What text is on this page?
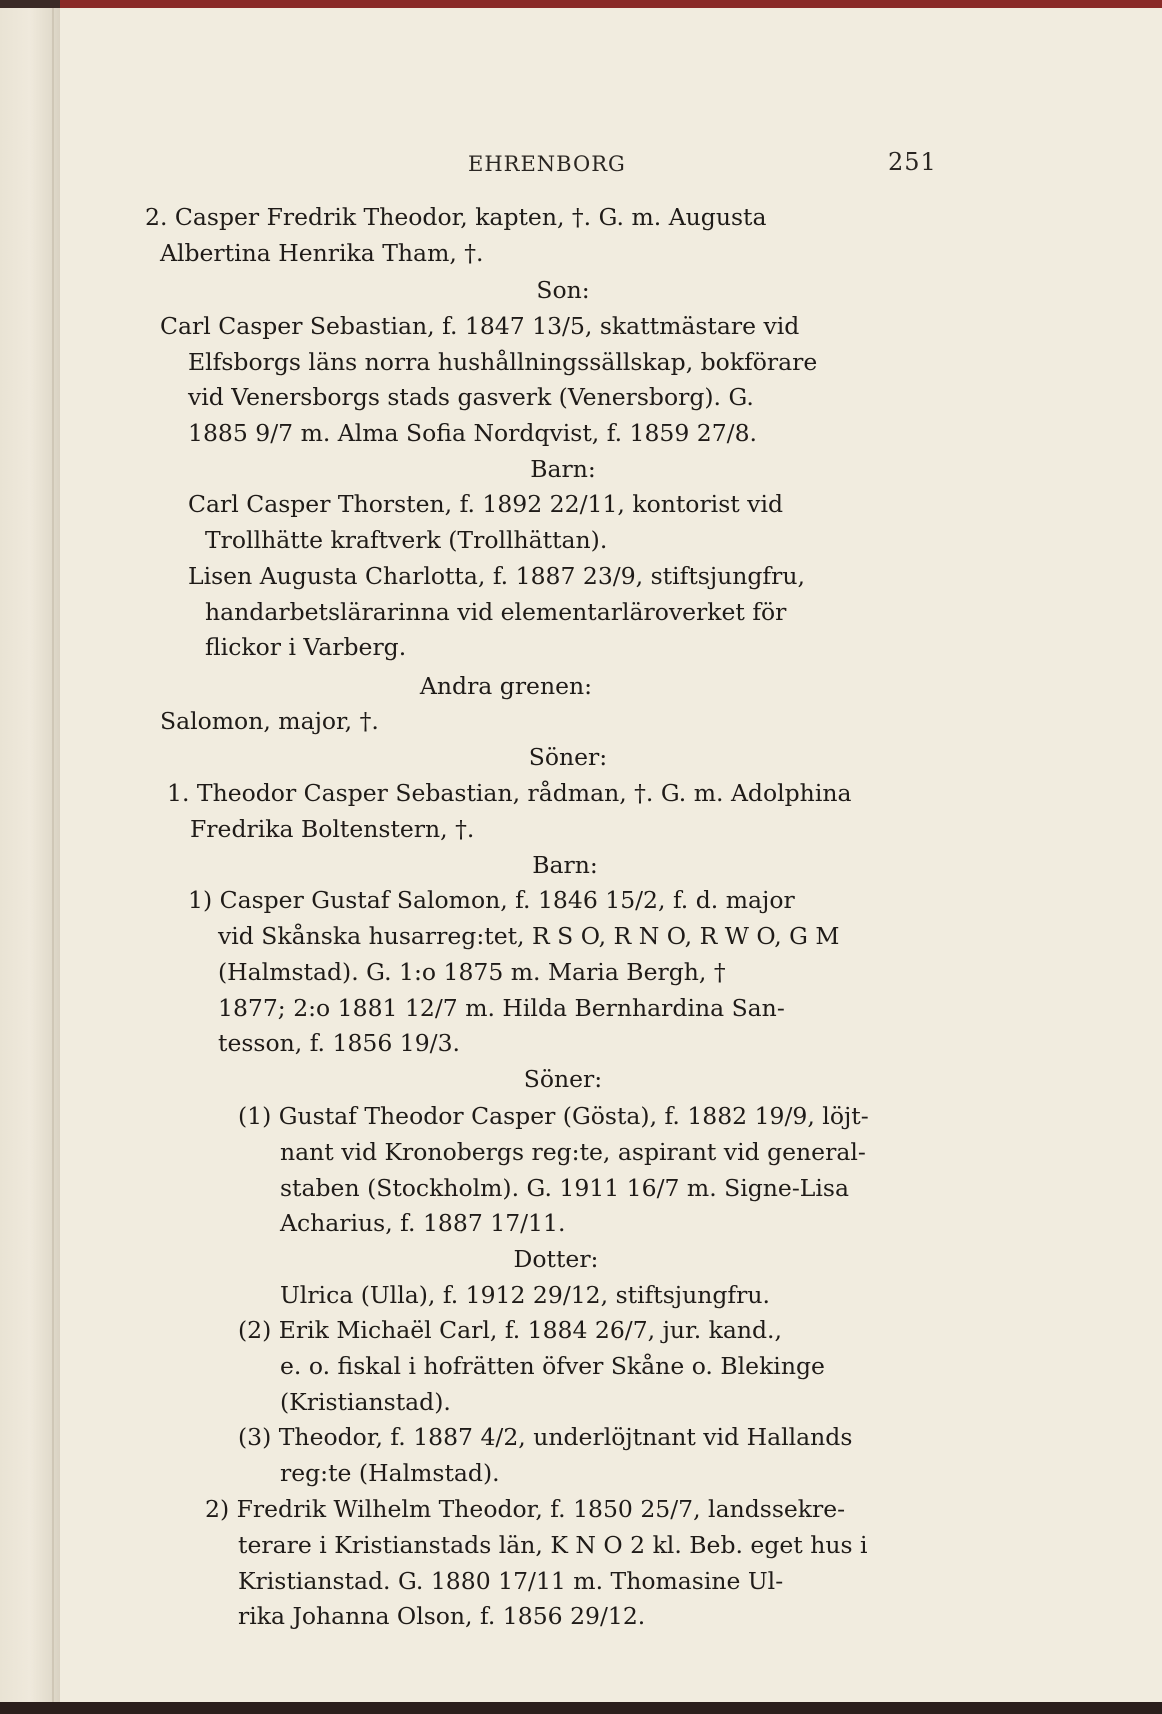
EHRENBORG	251
2. Casper Fredrik Theodor, kapten, †. G. m. Augusta
Albertina Henrika Tham, †.
Son:
Carl Casper Sebastian, f. 1847 13/5, skattmästare vid
Elfsborgs läns norra hushållningssällskap, bokförare
vid Venersborgs stads gasverk (Venersborg). G.
1885 9/7 m. Alma Sofia Nordqvist, f. 1859 27/8.
Barn:
Carl Casper Thorsten, f. 1892 22/11, kontorist vid
Trollhätte kraftverk (Trollhättan).
Lisen Augusta Charlotta, f. 1887 23/9, stiftsjungfru,
handarbetslärarinna vid elementarläroverket för
flickor i Varberg.
Andra grenen:
Salomon, major, †.
Söner:
1. Theodor Casper Sebastian, rådman, †. G. m. Adolphina
Fredrika Boltenstern, †.
Barn:
1) Casper Gustaf Salomon, f. 1846 15/2, f. d. major
vid Skånska husarreg:tet, R S O, R N O, R W O, G M
(Halmstad). G. 1:o 1875 m. Maria Bergh, †
1877; 2:o 1881 12/7 m. Hilda Bernhardina San-
tesson, f. 1856 19/3.
Söner:
(1) Gustaf Theodor Casper (Gösta), f. 1882 19/9, löjt-
nant vid Kronobergs reg:te, aspirant vid general-
staben (Stockholm). G. 1911 16/7 m. Signe-Lisa
Acharius, f. 1887 17/11.
Dotter:
Ulrica (Ulla), f. 1912 29/12, stiftsjungfru.
(2) Erik Michaël Carl, f. 1884 26/7, jur. kand.,
e. o. fiskal i hofrätten öfver Skåne o. Blekinge
(Kristianstad).
(3) Theodor, f. 1887 4/2, underlöjtnant vid Hallands
reg:te (Halmstad).
2) Fredrik Wilhelm Theodor, f. 1850 25/7, landssekre-
terare i Kristianstads län, K N O 2 kl. Beb. eget hus i
Kristianstad. G. 1880 17/11 m. Thomasine Ul-
rika Johanna Olson, f. 1856 29/12.
